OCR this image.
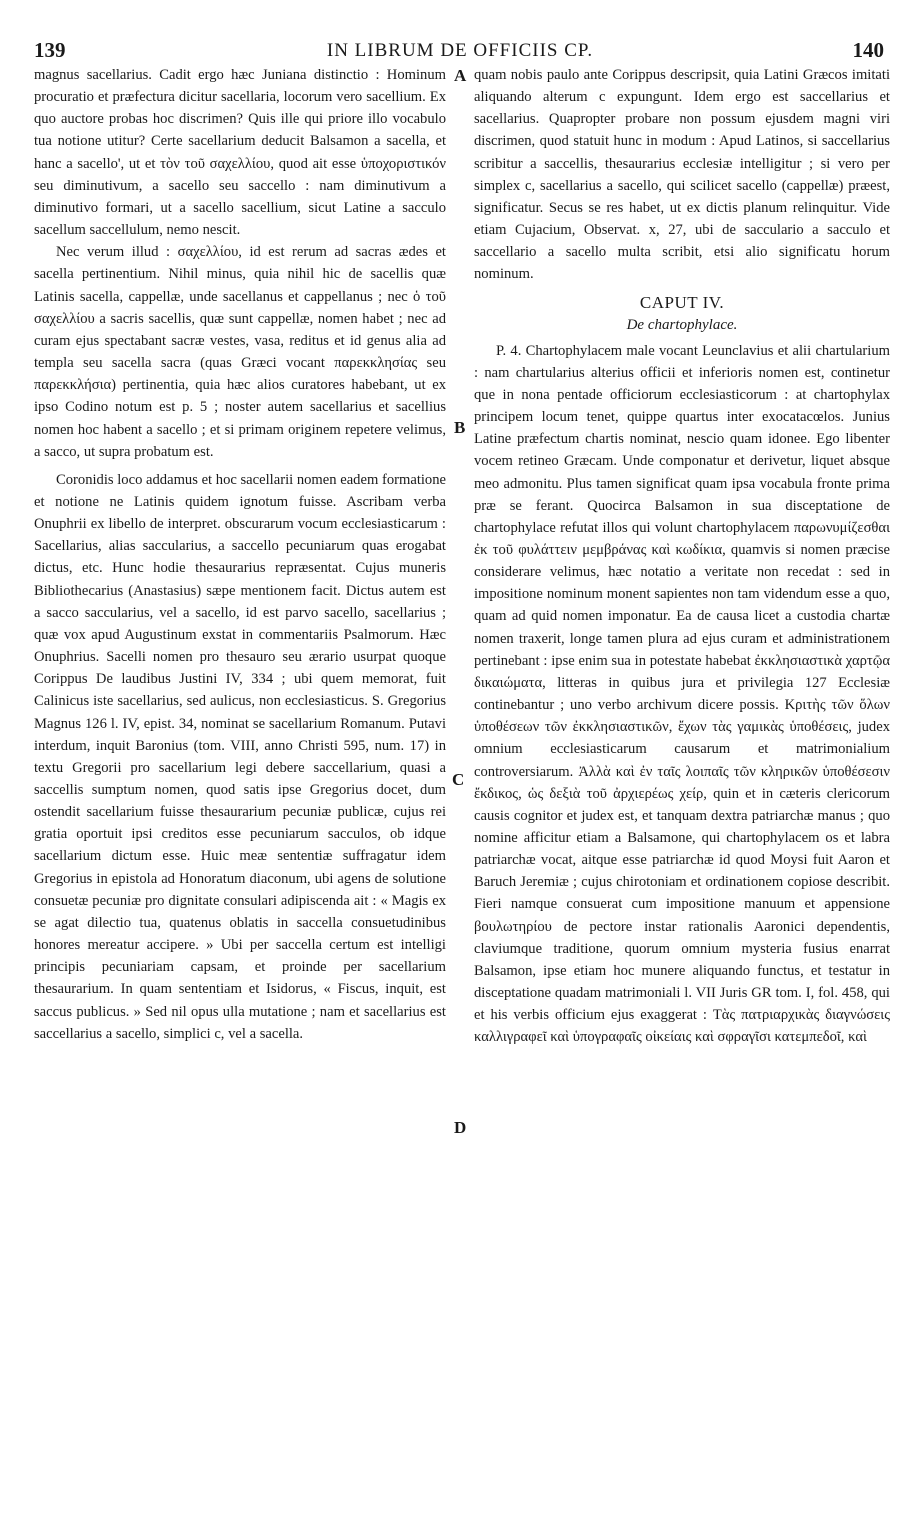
139	IN LIBRUM DE OFFICIIS CP.	140

magnus sacellarius. Cadit ergo hæc Juniana distinctio : Hominum procuratio et præfectura dicitur sacellaria, locorum vero sacellium. Ex quo auctore probas hoc discrimen? Quis ille qui priore illo vocabulo tua notione utitur? Certe sacellarium deducit Balsamon a sacella, et hanc a sacello', ut et τὸν τοῦ σαχελλίου, quod ait esse ὑποχοριστικόν seu diminutivum, a sacello seu saccello : nam diminutivum a diminutivo formari, ut a sacello sacellium, sicut Latine a sacculo sacellum saccellulum, nemo nescit.

Nec verum illud : σαχελλίου, id est rerum ad sacras ædes et sacella pertinentium. Nihil minus, quia nihil hic de sacellis quæ Latinis sacella, cappellæ, unde sacellanus et cappellanus ; nec ὁ τοῦ σαχελλίου a sacris sacellis, quæ sunt cappellæ, nomen habet ; nec ad curam ejus spectabant sacræ vestes, vasa, reditus et id genus alia ad templa seu sacella sacra (quas Græci vocant παρεκκλησίας seu παρεκκλήσια) pertinentia, quia hæc alios curatores habebant, ut ex ipso Codino notum est p. 5 ; noster autem sacellarius et sacellius nomen hoc habent a sacello ; et si primam originem repetere velimus, a sacco, ut supra probatum est.

Coronidis loco addamus et hoc sacellarii nomen eadem formatione et notione ne Latinis quidem ignotum fuisse. Ascribam verba Onuphrii ex libello de interpret. obscurarum vocum ecclesiasticarum : Sacellarius, alias saccularius, a saccello pecuniarum quas erogabat dictus, etc. Hunc hodie thesaurarius repræsentat. Cujus muneris Bibliothecarius (Anastasius) sæpe mentionem facit. Dictus autem est a sacco saccularius, vel a sacello, id est parvo sacello, sacellarius ; quæ vox apud Augustinum exstat in commentariis Psalmorum. Hæc Onuphrius. Sacelli nomen pro thesauro seu ærario usurpat quoque Corippus De laudibus Justini IV, 334 ; ubi quem memorat, fuit Calinicus iste sacellarius, sed aulicus, non ecclesiasticus. S. Gregorius Magnus 126 l. IV, epist. 34, nominat se sacellarium Romanum. Putavi interdum, inquit Baronius (tom. VIII, anno Christi 595, num. 17) in textu Gregorii pro sacellarium legi debere saccellarium, quasi a saccellis sumptum nomen, quod satis ipse Gregorius docet, dum ostendit sacellarium fuisse thesaurarium pecuniæ publicæ, cujus rei gratia oportuit ipsi creditos esse pecuniarum sacculos, ob idque sacellarium dictum esse. Huic meæ sententiæ suffragatur idem Gregorius in epistola ad Honoratum diaconum, ubi agens de solutione consuetæ pecuniæ pro dignitate consulari adipiscenda ait : « Magis ex se agat dilectio tua, quatenus oblatis in saccella consuetudinibus honores mereatur accipere. » Ubi per saccella certum est intelligi principis pecuniariam capsam, et proinde per sacellarium thesaurarium. In quam sententiam et Isidorus, « Fiscus, inquit, est saccus publicus. » Sed nil opus ulla mutatione ; nam et sacellarius est saccellarius a sacello, simplici c, vel a sacella.

quam nobis paulo ante Corippus descripsit, quia Latini Græcos imitati aliquando alterum c expungunt. Idem ergo est saccellarius et sacellarius. Quapropter probare non possum ejusdem magni viri discrimen, quod statuit hunc in modum : Apud Latinos, si saccellarius scribitur a saccellis, thesaurarius ecclesiæ intelligitur ; si vero per simplex c, sacellarius a sacello, qui scilicet sacello (cappellæ) præest, significatur. Secus se res habet, ut ex dictis planum relinquitur. Vide etiam Cujacium, Observat. x, 27, ubi de sacculario a sacculo et saccellario a sacello multa scribit, etsi alio significatu horum nominum.

CAPUT IV.
De chartophylace.

P. 4. Chartophylacem male vocant Leunclavius et alii chartularium : nam chartularius alterius officii et inferioris nomen est, continetur que in nona pentade officiorum ecclesiasticorum : at chartophylax principem locum tenet, quippe quartus inter exocatacœlos. Junius Latine præfectum chartis nominat, nescio quam idonee. Ego libenter vocem retineo Græcam. Unde componatur et derivetur, liquet absque meo admonitu. Plus tamen significat quam ipsa vocabula fronte prima præ se ferant. Quocirca Balsamon in sua disceptatione de chartophylace refutat illos qui volunt chartophylacem παρωνυμίζεσθαι ἐκ τοῦ φυλάττειν μεμβράνας καὶ κωδίκια, quamvis si nomen præcise considerare velimus, hæc notatio a veritate non recedat : sed in impositione nominum monent sapientes non tam videndum esse a quo, quam ad quid nomen imponatur. Ea de causa licet a custodia chartæ nomen traxerit, longe tamen plura ad ejus curam et administrationem pertinebant : ipse enim sua in potestate habebat ἐκκλησιαστικὰ χαρτῷα δικαιώματα, litteras in quibus jura et privilegia 127 Ecclesiæ continebantur ; uno verbo archivum dicere possis. Κριτὴς τῶν ὅλων ὑποθέσεων τῶν ἐκκλησιαστικῶν, ἔχων τὰς γαμικὰς ὑποθέσεις, judex omnium ecclesiasticarum causarum et matrimonialium controversiarum. Ἀλλὰ καὶ ἐν ταῖς λοιπαῖς τῶν κληρικῶν ὑποθέσεσιν ἔκδικος, ὡς δεξιὰ τοῦ ἀρχιερέως χείρ, quin et in cæteris clericorum causis cognitor et judex est, et tanquam dextra patriarchæ manus ; quo nomine afficitur etiam a Balsamone, qui chartophylacem os et labra patriarchæ vocat, aitque esse patriarchæ id quod Moysi fuit Aaron et Baruch Jeremiæ ; cujus chirotoniam et ordinationem copiose describit. Fieri namque consuerat cum impositione manuum et appensione βουλωτηρίου de pectore instar rationalis Aaronici dependentis, claviumque traditione, quorum omnium mysteria fusius enarrat Balsamon, ipse etiam hoc munere aliquando functus, et testatur in disceptatione quadam matrimoniali l. VII Juris GR tom. I, fol. 458, qui et his verbis officium ejus exaggerat : Τὰς πατριαρχικὰς διαγνώσεις καλλιγραφεῖ καὶ ὑπογραφαῖς οἰκείαις καὶ σφραγῖσι κατεμπεδοῖ, καὶ

A
B
C
D
